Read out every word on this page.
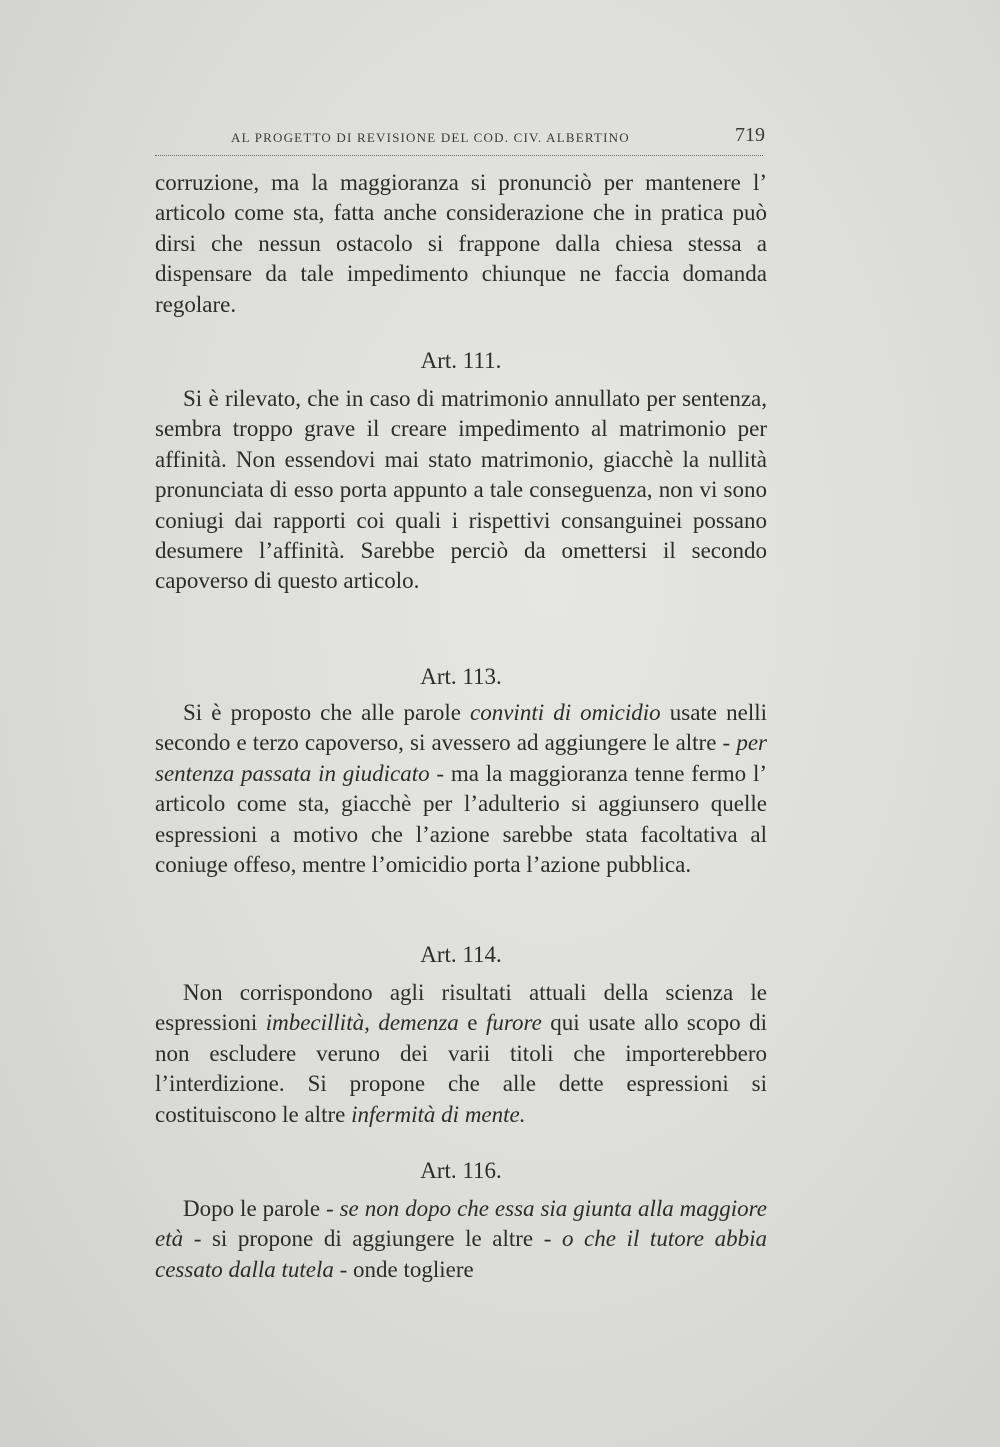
AL PROGETTO DI REVISIONE DEL COD. CIV. ALBERTINO	719

corruzione, ma la maggioranza si pronunciò per mantenere l’ articolo come sta, fatta anche considerazione che in pratica può dirsi che nessun ostacolo si frappone dalla chiesa stessa a dispensare da tale impedimento chiunque ne faccia domanda regolare.

Art. 111.

Si è rilevato, che in caso di matrimonio annullato per sentenza, sembra troppo grave il creare impedimento al matrimonio per affinità. Non essendovi mai stato matrimonio, giacchè la nullità pronunciata di esso porta appunto a tale conseguenza, non vi sono coniugi dai rapporti coi quali i rispettivi consanguinei possano desumere l’affinità. Sarebbe perciò da omettersi il secondo capoverso di questo articolo.

Art. 113.

Si è proposto che alle parole convinti di omicidio usate nelli secondo e terzo capoverso, si avessero ad aggiungere le altre - per sentenza passata in giudicato - ma la maggioranza tenne fermo l’ articolo come sta, giacchè per l’adulterio si aggiunsero quelle espressioni a motivo che l’azione sarebbe stata facoltativa al coniuge offeso, mentre l’omicidio porta l’azione pubblica.

Art. 114.

Non corrispondono agli risultati attuali della scienza le espressioni imbecillità, demenza e furore qui usate allo scopo di non escludere veruno dei varii titoli che importerebbero l’interdizione. Si propone che alle dette espressioni si costituiscono le altre infermità di mente.

Art. 116.

Dopo le parole - se non dopo che essa sia giunta alla maggiore età - si propone di aggiungere le altre - o che il tutore abbia cessato dalla tutela - onde togliere
